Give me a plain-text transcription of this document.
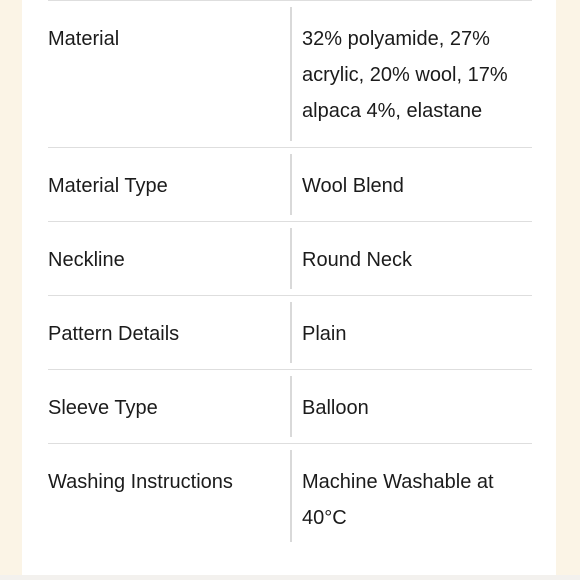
Material	32% polyamide, 27% acrylic, 20% wool, 17% alpaca 4%, elastane
Material Type	Wool Blend
Neckline	Round Neck
Pattern Details	Plain
Sleeve Type	Balloon
Washing Instructions	Machine Washable at 40°C
